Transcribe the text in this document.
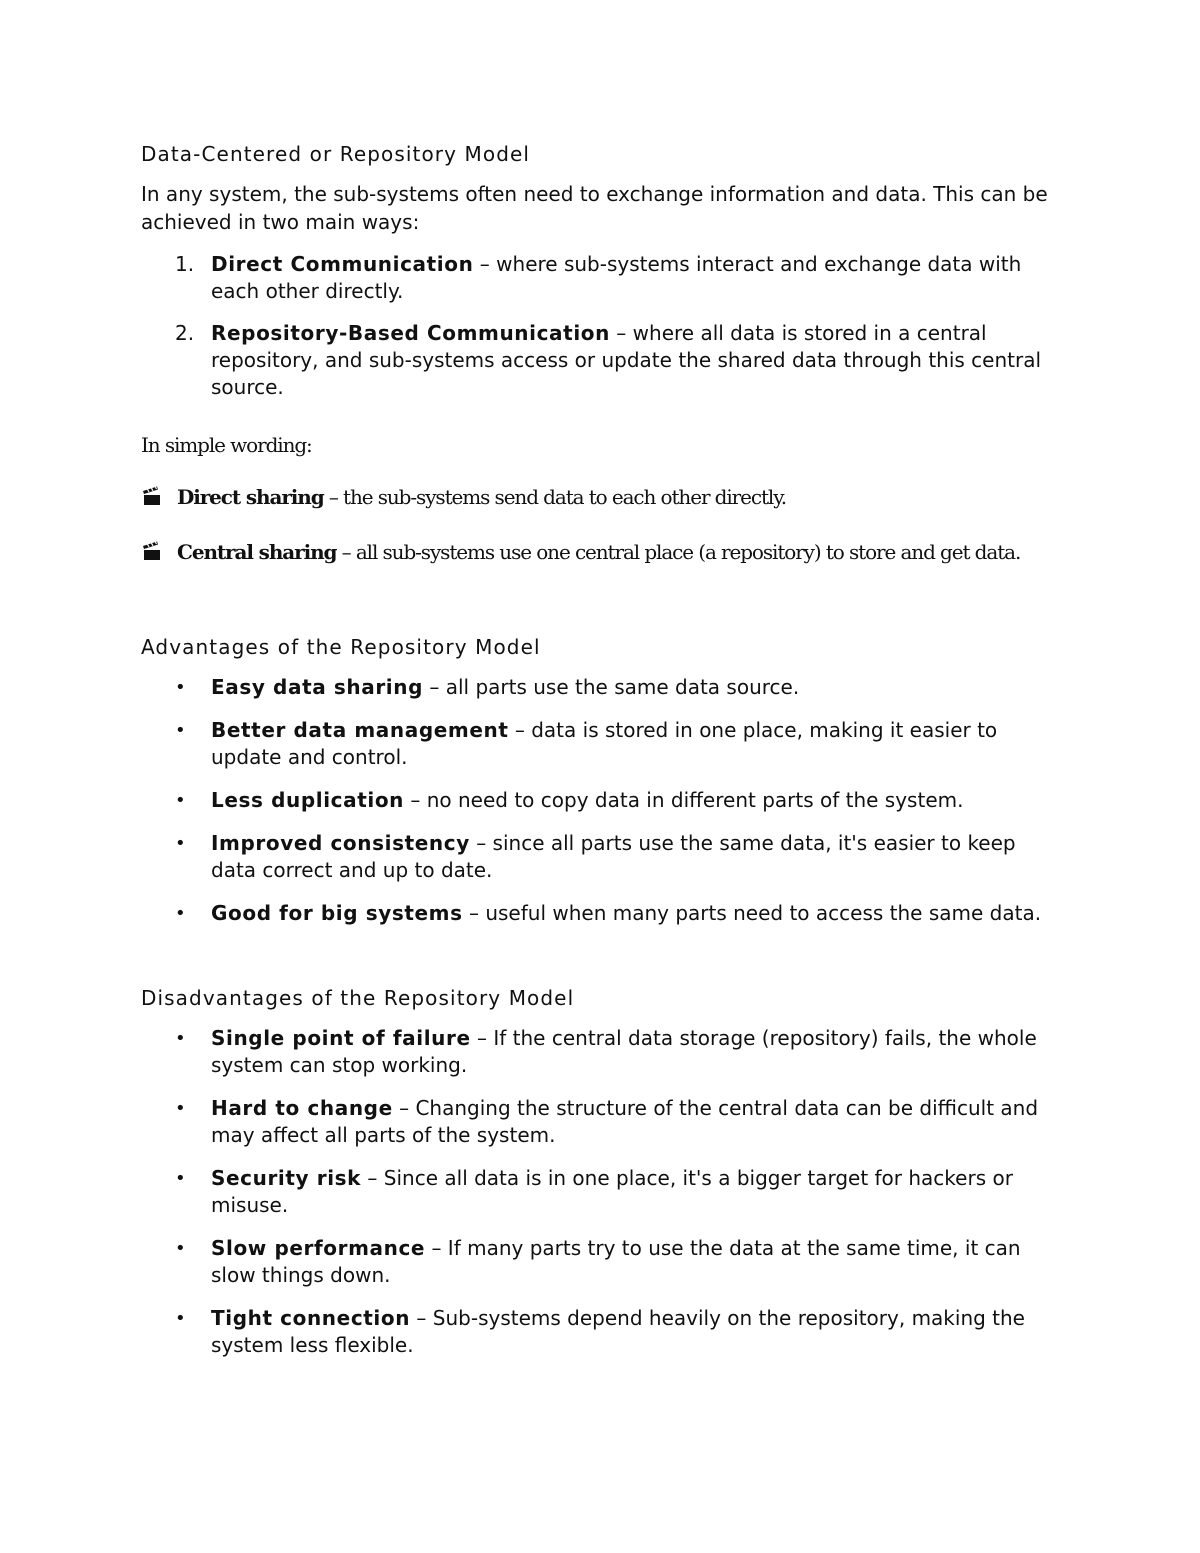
Data-Centered or Repository Model

In any system, the sub-systems often need to exchange information and data. This can be achieved in two main ways:

1. Direct Communication – where sub-systems interact and exchange data with each other directly.
2. Repository-Based Communication – where all data is stored in a central repository, and sub-systems access or update the shared data through this central source.

In simple wording:

Direct sharing – the sub-systems send data to each other directly.
Central sharing – all sub-systems use one central place (a repository) to store and get data.
Advantages of the Repository Model
• Easy data sharing – all parts use the same data source.
• Better data management – data is stored in one place, making it easier to update and control.
• Less duplication – no need to copy data in different parts of the system.
• Improved consistency – since all parts use the same data, it's easier to keep data correct and up to date.
• Good for big systems – useful when many parts need to access the same data.
Disadvantages of the Repository Model
• Single point of failure – If the central data storage (repository) fails, the whole system can stop working.
• Hard to change – Changing the structure of the central data can be difficult and may affect all parts of the system.
• Security risk – Since all data is in one place, it's a bigger target for hackers or misuse.
• Slow performance – If many parts try to use the data at the same time, it can slow things down.
• Tight connection – Sub-systems depend heavily on the repository, making the system less flexible.
